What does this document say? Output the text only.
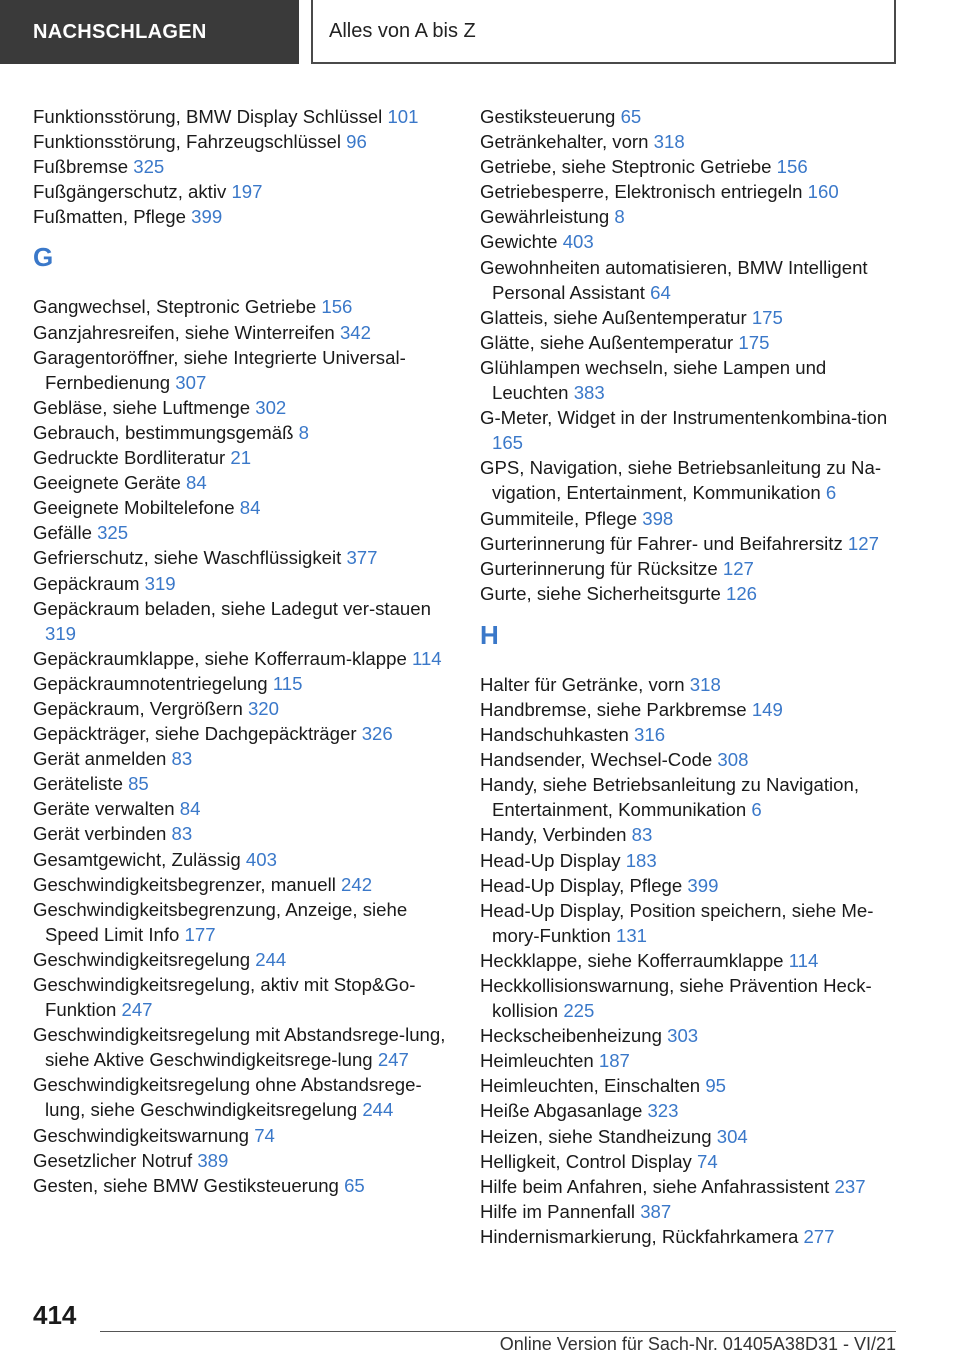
NACHSCHLAGEN	Alles von A bis Z
Funktionsstörung, BMW Display Schlüssel 101
Funktionsstörung, Fahrzeugschlüssel 96
Fußbremse 325
Fußgängerschutz, aktiv 197
Fußmatten, Pflege 399
G
Gangwechsel, Steptronic Getriebe 156
Ganzjahresreifen, siehe Winterreifen 342
Garagentoröffner, siehe Integrierte Universal-Fernbedienung 307
Gebläse, siehe Luftmenge 302
Gebrauch, bestimmungsgemäß 8
Gedruckte Bordliteratur 21
Geeignete Geräte 84
Geeignete Mobiltelefone 84
Gefälle 325
Gefrierschutz, siehe Waschflüssigkeit 377
Gepäckraum 319
Gepäckraum beladen, siehe Ladegut ver-stauen 319
Gepäckraumklappe, siehe Kofferraum-klappe 114
Gepäckraumnotentriegelung 115
Gepäckraum, Vergrößern 320
Gepäckträger, siehe Dachgepäckträger 326
Gerät anmelden 83
Geräteliste 85
Geräte verwalten 84
Gerät verbinden 83
Gesamtgewicht, Zulässig 403
Geschwindigkeitsbegrenzer, manuell 242
Geschwindigkeitsbegrenzung, Anzeige, siehe Speed Limit Info 177
Geschwindigkeitsregelung 244
Geschwindigkeitsregelung, aktiv mit Stop&Go-Funktion 247
Geschwindigkeitsregelung mit Abstandsrege-lung, siehe Aktive Geschwindigkeitsrege-lung 247
Geschwindigkeitsregelung ohne Abstandsrege-lung, siehe Geschwindigkeitsregelung 244
Geschwindigkeitswarnung 74
Gesetzlicher Notruf 389
Gesten, siehe BMW Gestiksteuerung 65
Gestiksteuerung 65
Getränkehalter, vorn 318
Getriebe, siehe Steptronic Getriebe 156
Getriebesperre, Elektronisch entriegeln 160
Gewährleistung 8
Gewichte 403
Gewohnheiten automatisieren, BMW Intelligent Personal Assistant 64
Glatteis, siehe Außentemperatur 175
Glätte, siehe Außentemperatur 175
Glühlampen wechseln, siehe Lampen und Leuchten 383
G-Meter, Widget in der Instrumentenkombina-tion 165
GPS, Navigation, siehe Betriebsanleitung zu Na-vigation, Entertainment, Kommunikation 6
Gummiteile, Pflege 398
Gurterinnerung für Fahrer- und Beifahrersitz 127
Gurterinnerung für Rücksitze 127
Gurte, siehe Sicherheitsgurte 126
H
Halter für Getränke, vorn 318
Handbremse, siehe Parkbremse 149
Handschuhkasten 316
Handsender, Wechsel-Code 308
Handy, siehe Betriebsanleitung zu Navigation, Entertainment, Kommunikation 6
Handy, Verbinden 83
Head-Up Display 183
Head-Up Display, Pflege 399
Head-Up Display, Position speichern, siehe Me-mory-Funktion 131
Heckklappe, siehe Kofferraumklappe 114
Heckkollisionswarnung, siehe Prävention Heck-kollision 225
Heckscheibenheizung 303
Heimleuchten 187
Heimleuchten, Einschalten 95
Heiße Abgasanlage 323
Heizen, siehe Standheizung 304
Helligkeit, Control Display 74
Hilfe beim Anfahren, siehe Anfahrassistent 237
Hilfe im Pannenfall 387
Hindernismarkierung, Rückfahrkamera 277
414
Online Version für Sach-Nr. 01405A38D31 - VI/21
